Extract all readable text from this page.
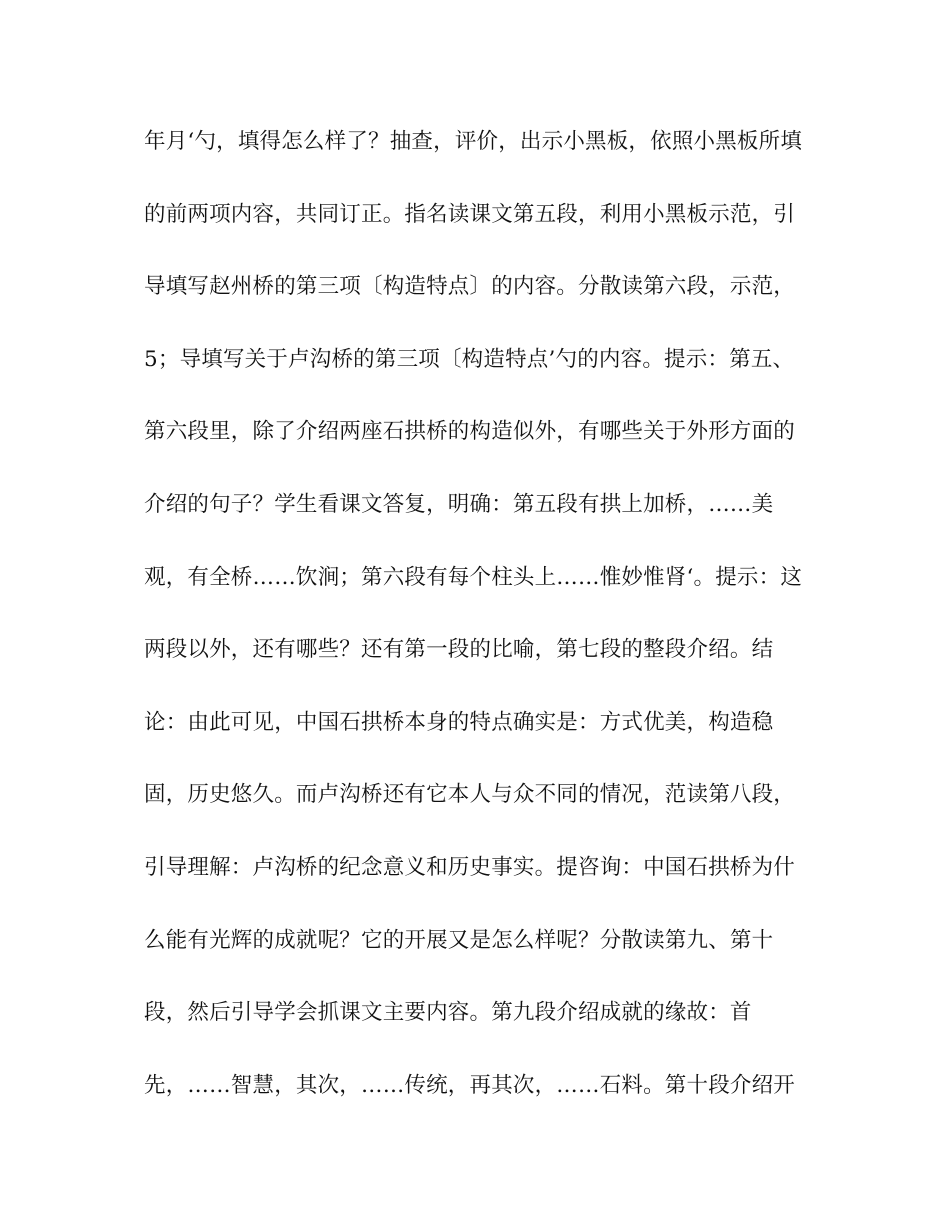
年月‘勺，填得怎么样了？抽查，评价，出示小黑板，依照小黑板所填
的前两项内容，共同订正。指名读课文第五段，利用小黑板示范，引
导填写赵州桥的第三项〔构造特点〕的内容。分散读第六段，示范，
5；导填写关于卢沟桥的第三项〔构造特点’勺的内容。提示：第五、
第六段里，除了介绍两座石拱桥的构造似外，有哪些关于外形方面的
介绍的句子？学生看课文答复，明确：第五段有拱上加桥，……美
观，有全桥……饮涧；第六段有每个柱头上……惟妙惟肾‘。提示：这
两段以外，还有哪些？还有第一段的比喻，第七段的整段介绍。结
论：由此可见，中国石拱桥本身的特点确实是：方式优美，构造稳
固，历史悠久。而卢沟桥还有它本人与众不同的情况，范读第八段，
引导理解：卢沟桥的纪念意义和历史事实。提咨询：中国石拱桥为什
么能有光辉的成就呢？它的开展又是怎么样呢？分散读第九、第十
段，然后引导学会抓课文主要内容。第九段介绍成就的缘故：首
先，……智慧，其次，……传统，再其次，……石料。第十段介绍开
